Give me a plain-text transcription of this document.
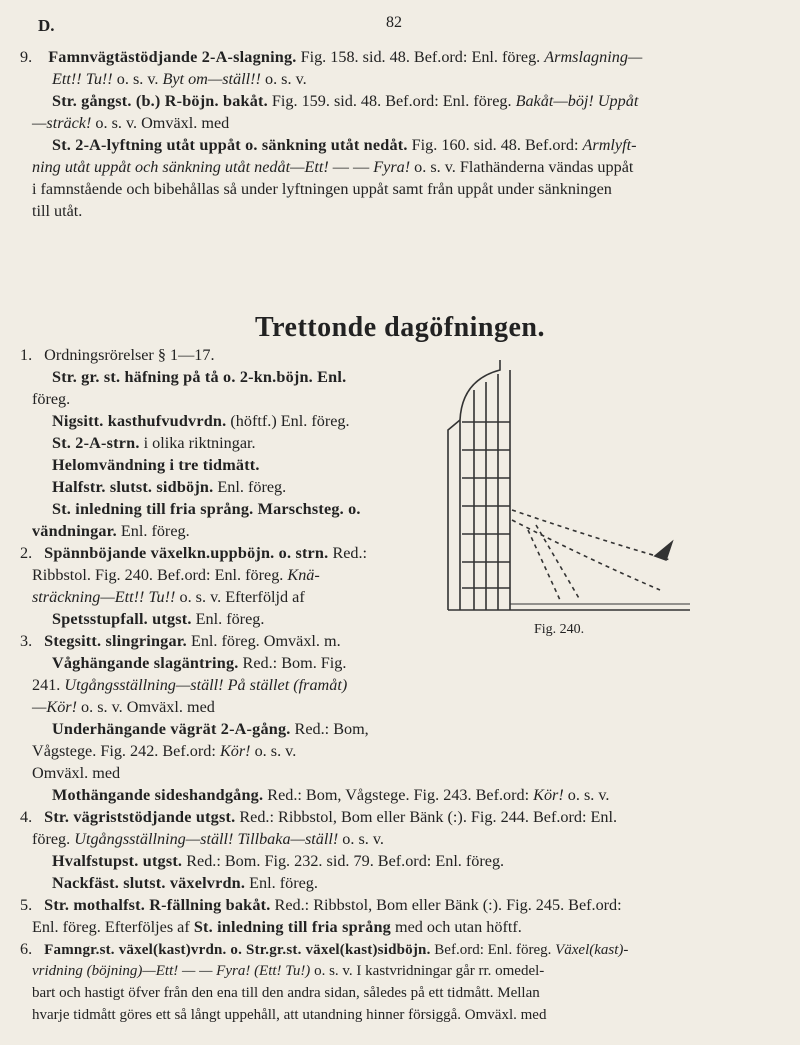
D.	82
9. Famnvägtästödjande 2-A-slagning. Fig. 158. sid. 48. Bef.ord: Enl. föreg. Armslagning—
Ett!! Tu!! o. s. v. Byt om—ställ!! o. s. v.
Str. gångst. (b.) R-böjn. bakåt. Fig. 159. sid. 48. Bef.ord: Enl. föreg. Bakåt—böj! Uppåt
—sträck! o. s. v. Omväxl. med
St. 2-A-lyftning utåt uppåt o. sänkning utåt nedåt. Fig. 160. sid. 48. Bef.ord: Armlyft-
ning utåt uppåt och sänkning utåt nedåt—Ett! — — Fyra! o. s. v. Flathänderna vändas uppåt
i famnstående och bibehållas så under lyftningen uppåt samt från uppåt under sänkningen
till utåt.
Trettonde dagöfningen.
Fig. 240.
1. Ordningsrörelser § 1—17.
Str. gr. st. häfning på tå o. 2-kn.böjn. Enl.
föreg.
Nigsitt. kasthufvudvrdn. (höftf.) Enl. föreg.
St. 2-A-strn. i olika riktningar.
Helomvändning i tre tidmätt.
Halfstr. slutst. sidböjn. Enl. föreg.
St. inledning till fria språng. Marschsteg. o.
vändningar. Enl. föreg.
2. Spännböjande växelkn.uppböjn. o. strn. Red.:
Ribbstol. Fig. 240. Bef.ord: Enl. föreg. Knä-
sträckning—Ett!! Tu!! o. s. v. Efterföljd af
Spetsstupfall. utgst. Enl. föreg.
3. Stegsitt. slingringar. Enl. föreg. Omväxl. m.
Våghängande slagäntring. Red.: Bom. Fig.
241. Utgångsställning—ställ! På stället (framåt)
—Kör! o. s. v. Omväxl. med
Underhängande vägrät 2-A-gång. Red.: Bom,
Vågstege. Fig. 242. Bef.ord: Kör! o. s. v.
Omväxl. med
Mothängande sideshandgång. Red.: Bom, Vågstege. Fig. 243. Bef.ord: Kör! o. s. v.
4. Str. vägriststödjande utgst. Red.: Ribbstol, Bom eller Bänk (:). Fig. 244. Bef.ord: Enl.
föreg. Utgångsställning—ställ! Tillbaka—ställ! o. s. v.
Hvalfstupst. utgst. Red.: Bom. Fig. 232. sid. 79. Bef.ord: Enl. föreg.
Nackfäst. slutst. växelvrdn. Enl. föreg.
5. Str. mothalfst. R-fällning bakåt. Red.: Ribbstol, Bom eller Bänk (:). Fig. 245. Bef.ord:
Enl. föreg. Efterföljes af St. inledning till fria språng med och utan höftf.
6. Famngr.st. växel(kast)vrdn. o. Str.gr.st. växel(kast)sidböjn. Bef.ord: Enl. föreg. Växel(kast)-
vridning (böjning)—Ett! — — Fyra! (Ett! Tu!) o. s. v. I kastvridningar går rr. omedel-
bart och hastigt öfver från den ena till den andra sidan, således på ett tidmått. Mellan
hvarje tidmått göres ett så långt uppehåll, att utandning hinner försiggå. Omväxl. med
